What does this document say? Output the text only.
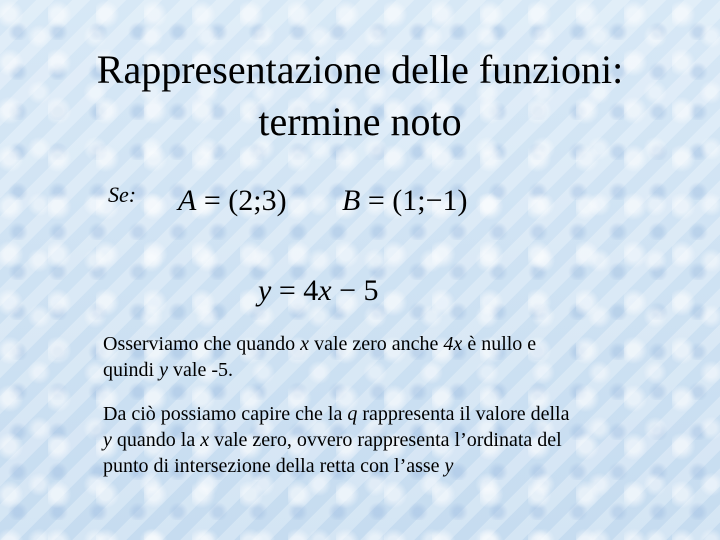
Rappresentazione delle funzioni:
termine noto
Se: A = (2;3) B = (1;−1)
y = 4x − 5
Osserviamo che quando x vale zero anche 4x è nullo e quindi y vale -5.
Da ciò possiamo capire che la q rappresenta il valore della y quando la x vale zero, ovvero rappresenta l’ordinata del punto di intersezione della retta con l’asse y
